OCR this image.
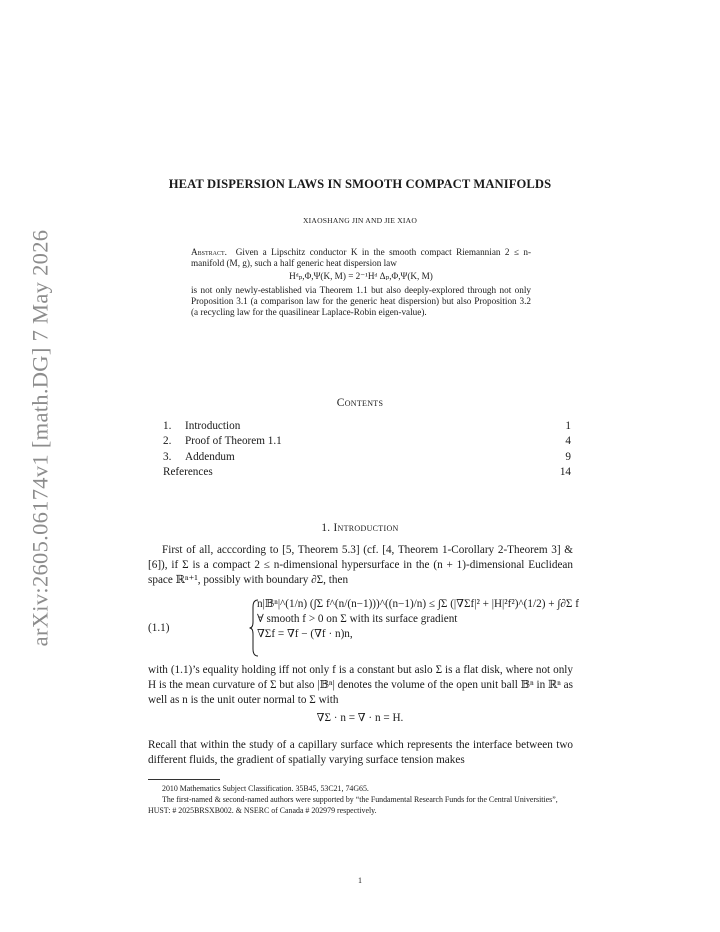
arXiv:2605.06174v1 [math.DG] 7 May 2026
HEAT DISPERSION LAWS IN SMOOTH COMPACT MANIFOLDS
XIAOSHANG JIN AND JIE XIAO
Abstract. Given a Lipschitz conductor K in the smooth compact Riemannian 2 ≤ n-manifold (M, g), such a half generic heat dispersion law
Hᵈₚ,Φ,Ψ(K, M) = 2⁻¹Hᵈ Δₚ,Φ,Ψ(K, M)
is not only newly-established via Theorem 1.1 but also deeply-explored through not only Proposition 3.1 (a comparison law for the generic heat dispersion) but also Proposition 3.2 (a recycling law for the quasilinear Laplace-Robin eigen-value).
Contents
1.	Introduction	1
2.	Proof of Theorem 1.1	4
3.	Addendum	9
References	14
1. Introduction
First of all, acccording to [5, Theorem 5.3] (cf. [4, Theorem 1-Corollary 2-Theorem 3] & [6]), if Σ is a compact 2 ≤ n-dimensional hypersurface in the (n + 1)-dimensional Euclidean space ℝⁿ⁺¹, possibly with boundary ∂Σ, then
(1.1)
n|𝔹ⁿ|^(1/n) (∫Σ f^(n/(n−1)))^((n−1)/n) ≤ ∫Σ (|∇Σf|² + |H|²f²)^(1/2) + ∫∂Σ f
∀ smooth f > 0 on Σ with its surface gradient
∇Σf = ∇f − (∇f · n)n,
with (1.1)’s equality holding iff not only f is a constant but aslo Σ is a flat disk, where not only H is the mean curvature of Σ but also |𝔹ⁿ| denotes the volume of the open unit ball 𝔹ⁿ in ℝⁿ as well as n is the unit outer normal to Σ with
∇Σ · n = ∇ · n = H.
Recall that within the study of a capillary surface which represents the interface between two different fluids, the gradient of spatially varying surface tension makes

2010 Mathematics Subject Classification. 35B45, 53C21, 74G65.

The first-named & second-named authors were supported by “the Fundamental Research Funds for the Central Universities”, HUST: # 2025BRSXB002. & NSERC of Canada # 202979 respectively.

1
